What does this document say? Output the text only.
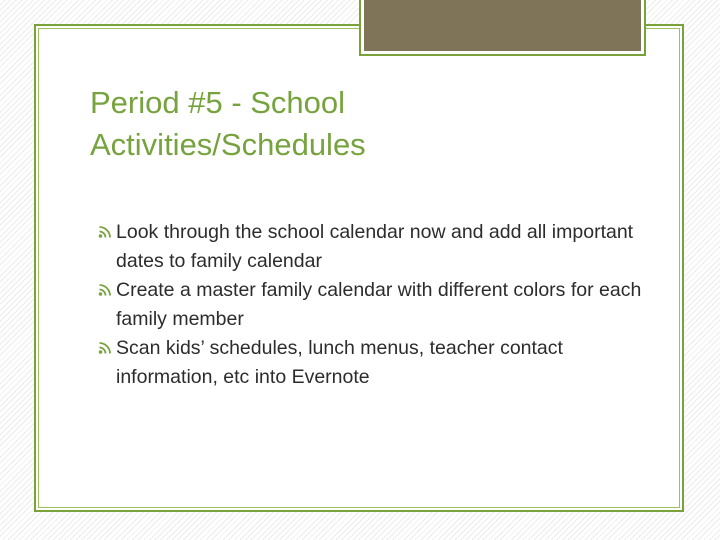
Period #5 - School
Activities/Schedules
Look through the school calendar now and add all important dates to family calendar
Create a master family calendar with different colors for each family member
Scan kids’ schedules, lunch menus, teacher contact information, etc into Evernote
